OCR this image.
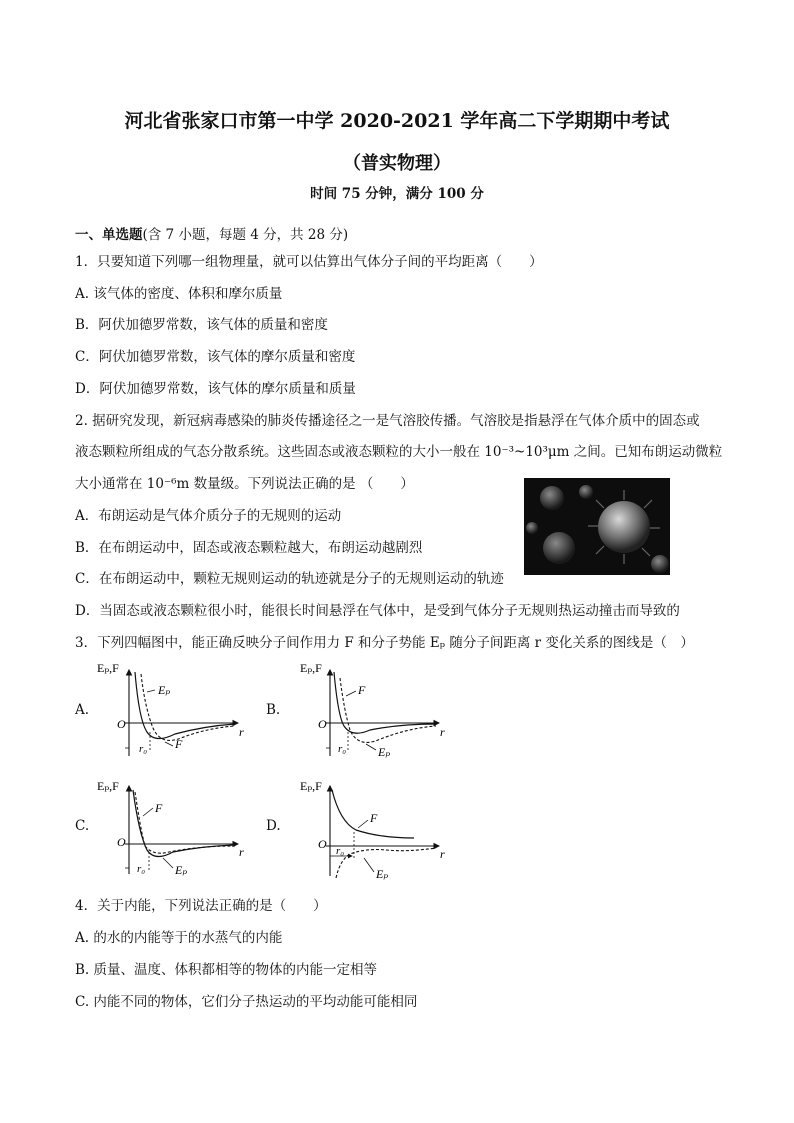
河北省张家口市第一中学 2020-2021 学年高二下学期期中考试
（普实物理）
时间 75 分钟，满分 100 分
一、单选题(含 7 小题，每题 4 分，共 28 分)
1．只要知道下列哪一组物理量，就可以估算出气体分子间的平均距离（　　）
A. 该气体的密度、体积和摩尔质量
B．阿伏加德罗常数，该气体的质量和密度
C．阿伏加德罗常数，该气体的摩尔质量和密度
D．阿伏加德罗常数，该气体的摩尔质量和质量
2. 据研究发现，新冠病毒感染的肺炎传播途径之一是气溶胶传播。气溶胶是指悬浮在气体介质中的固态或
液态颗粒所组成的气态分散系统。这些固态或液态颗粒的大小一般在 10⁻³~10³μm 之间。已知布朗运动微粒
大小通常在 10⁻⁶m 数量级。下列说法正确的是 （　　）
A．布朗运动是气体介质分子的无规则的运动
B．在布朗运动中，固态或液态颗粒越大，布朗运动越剧烈
C．在布朗运动中，颗粒无规则运动的轨迹就是分子的无规则运动的轨迹
D．当固态或液态颗粒很小时，能很长时间悬浮在气体中，是受到气体分子无规则热运动撞击而导致的
3．下列四幅图中，能正确反映分子间作用力 F 和分子势能 Eₚ 随分子间距离 r 变化关系的图线是（　）
A.
Eₚ,F
O
r
Eₚ
F
r₀
B.
Eₚ,F
O
r
F
Eₚ
r₀
C.
Eₚ,F
O
r
F
Eₚ
r₀
D.
Eₚ,F
O
r
F
Eₚ
r₀
4．关于内能，下列说法正确的是（　　）
A. 的水的内能等于的水蒸气的内能
B. 质量、温度、体积都相等的物体的内能一定相等
C. 内能不同的物体，它们分子热运动的平均动能可能相同
